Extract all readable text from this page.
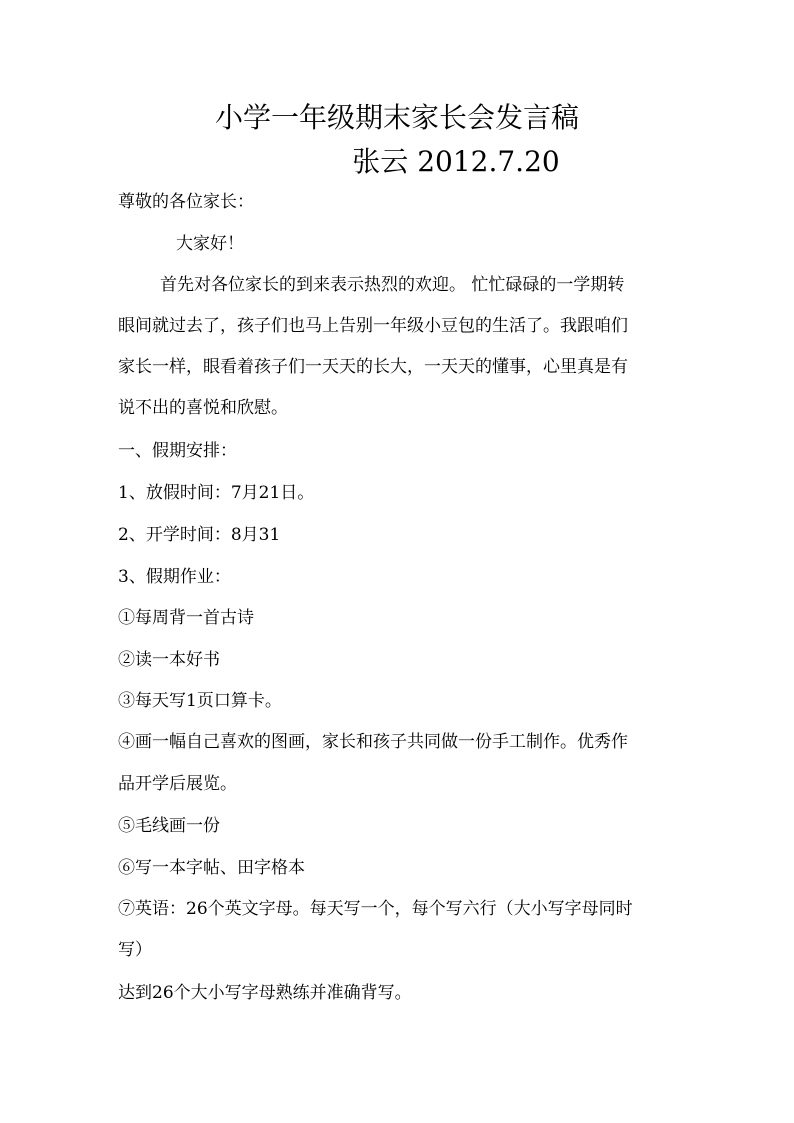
小学一年级期末家长会发言稿
张云 2012.7.20
尊敬的各位家长：
大家好！
首先对各位家长的到来表示热烈的欢迎。 忙忙碌碌的一学期转
眼间就过去了，孩子们也马上告别一年级小豆包的生活了。我跟咱们
家长一样，眼看着孩子们一天天的长大，一天天的懂事，心里真是有
说不出的喜悦和欣慰。
一、假期安排：
1、放假时间：7月21日。
2、开学时间：8月31
3、假期作业：
①每周背一首古诗
②读一本好书
③每天写1页口算卡。
④画一幅自己喜欢的图画，家长和孩子共同做一份手工制作。优秀作
品开学后展览。
⑤毛线画一份
⑥写一本字帖、田字格本
⑦英语：26个英文字母。每天写一个，每个写六行（大小写字母同时
写）
达到26个大小写字母熟练并准确背写。
